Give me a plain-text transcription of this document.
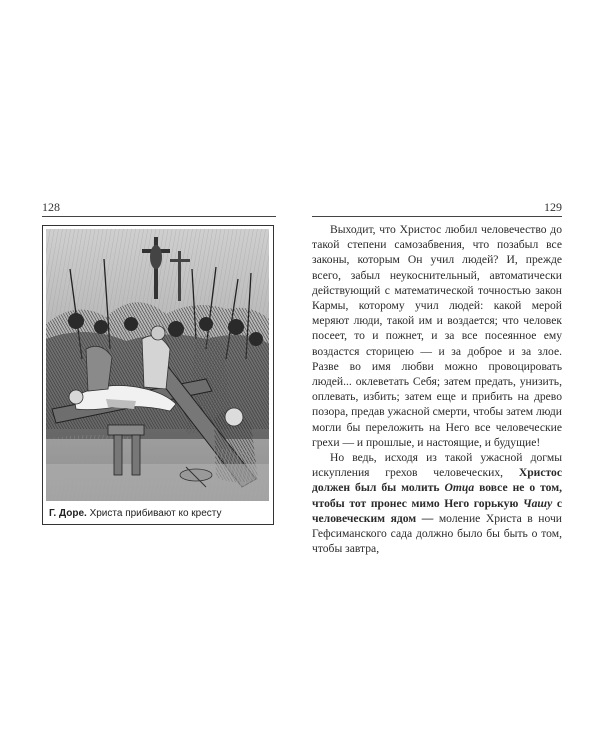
128
Г. Доре. Христа прибивают ко кресту
129

Выходит, что Христос любил человечество до такой степени самозабвения, что позабыл все законы, которым Он учил людей? И, прежде всего, забыл неукоснительный, автоматически действующий с математической точностью закон Кармы, которому учил людей: какой мерой меряют люди, такой им и воздается; что человек посеет, то и пожнет, и за все посеянное ему воздастся сторицею — и за доброе и за злое. Разве во имя любви можно провоцировать людей... оклеветать Себя; затем предать, унизить, оплевать, избить; затем еще и прибить на древо позора, предав ужасной смерти, чтобы затем люди могли бы переложить на Него все человеческие грехи — и прошлые, и настоящие, и будущие!

Но ведь, исходя из такой ужасной догмы искупления грехов человеческих, Христос должен был бы молить Отца вовсе не о том, чтобы тот пронес мимо Него горькую Чашу с человеческим ядом — моление Христа в ночи Гефсиманского сада должно было бы быть о том, чтобы завтра,
